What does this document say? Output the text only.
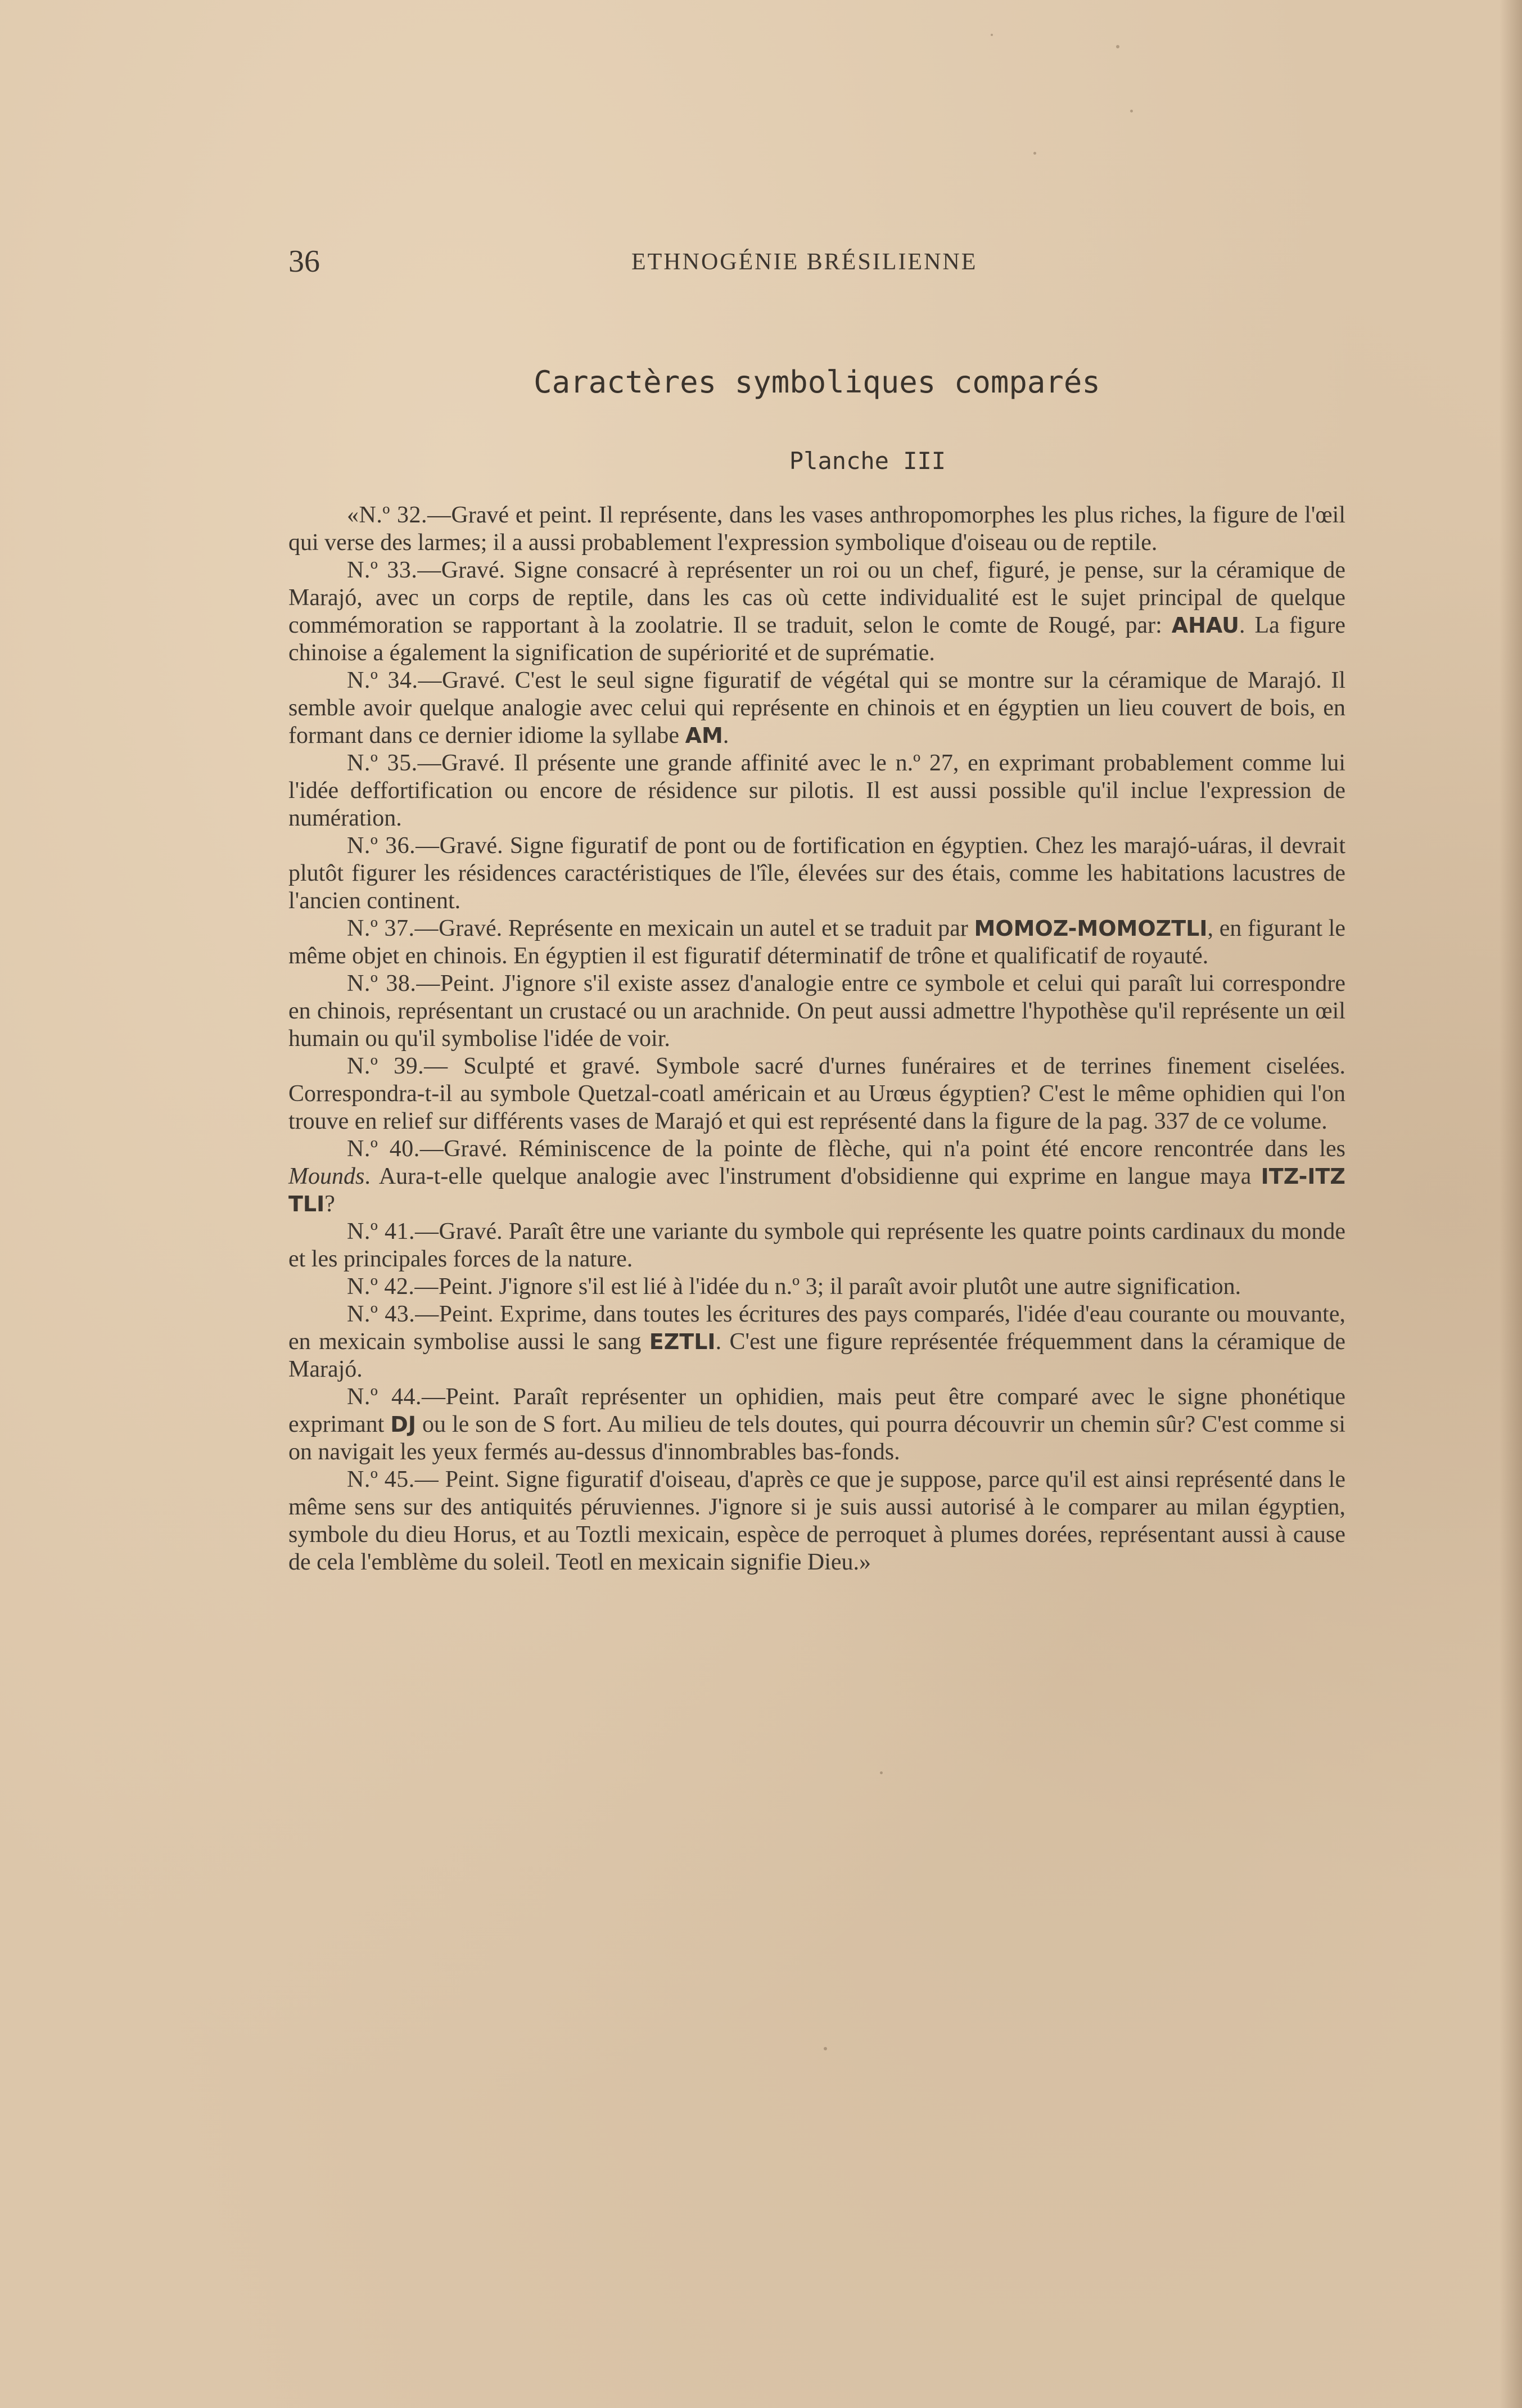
36	ETHNOGÉNIE BRÉSILIENNE
Caractères symboliques comparés
Planche III

«N.º 32.—Gravé et peint. Il représente, dans les vases anthropomorphes les plus riches, la figure de l'œil qui verse des larmes; il a aussi probablement l'expression symbolique d'oiseau ou de reptile.

N.º 33.—Gravé. Signe consacré à représenter un roi ou un chef, figuré, je pense, sur la céramique de Marajó, avec un corps de reptile, dans les cas où cette individualité est le sujet principal de quelque commémoration se rapportant à la zoolatrie. Il se traduit, selon le comte de Rougé, par: AHAU. La figure chinoise a également la signification de supériorité et de suprématie.

N.º 34.—Gravé. C'est le seul signe figuratif de végétal qui se montre sur la céramique de Marajó. Il semble avoir quelque analogie avec celui qui représente en chinois et en égyptien un lieu couvert de bois, en formant dans ce dernier idiome la syllabe AM.

N.º 35.—Gravé. Il présente une grande affinité avec le n.º 27, en exprimant probablement comme lui l'idée deffortification ou encore de résidence sur pilotis. Il est aussi possible qu'il inclue l'expression de numération.

N.º 36.—Gravé. Signe figuratif de pont ou de fortification en égyptien. Chez les marajó-uáras, il devrait plutôt figurer les résidences caractéristiques de l'île, élevées sur des étais, comme les habitations lacustres de l'ancien continent.

N.º 37.—Gravé. Représente en mexicain un autel et se traduit par MOMOZ-MOMOZTLI, en figurant le même objet en chinois. En égyptien il est figuratif déterminatif de trône et qualificatif de royauté.

N.º 38.—Peint. J'ignore s'il existe assez d'analogie entre ce symbole et celui qui paraît lui correspondre en chinois, représentant un crustacé ou un arachnide. On peut aussi admettre l'hypothèse qu'il représente un œil humain ou qu'il symbolise l'idée de voir.

N.º 39.— Sculpté et gravé. Symbole sacré d'urnes funéraires et de terrines finement ciselées. Correspondra-t-il au symbole Quetzal-coatl américain et au Urœus égyptien? C'est le même ophidien qui l'on trouve en relief sur différents vases de Marajó et qui est représenté dans la figure de la pag. 337 de ce volume.

N.º 40.—Gravé. Réminiscence de la pointe de flèche, qui n'a point été encore rencontrée dans les Mounds. Aura-t-elle quelque analogie avec l'instrument d'obsidienne qui exprime en langue maya ITZ-ITZ TLI?

N.º 41.—Gravé. Paraît être une variante du symbole qui représente les quatre points cardinaux du monde et les principales forces de la nature.

N.º 42.—Peint. J'ignore s'il est lié à l'idée du n.º 3; il paraît avoir plutôt une autre signification.

N.º 43.—Peint. Exprime, dans toutes les écritures des pays comparés, l'idée d'eau courante ou mouvante, en mexicain symbolise aussi le sang EZTLI. C'est une figure représentée fréquemment dans la céramique de Marajó.

N.º 44.—Peint. Paraît représenter un ophidien, mais peut être comparé avec le signe phonétique exprimant DJ ou le son de S fort. Au milieu de tels doutes, qui pourra découvrir un chemin sûr? C'est comme si on navigait les yeux fermés au-dessus d'innombrables bas-fonds.

N.º 45.— Peint. Signe figuratif d'oiseau, d'après ce que je suppose, parce qu'il est ainsi représenté dans le même sens sur des antiquités péruviennes. J'ignore si je suis aussi autorisé à le comparer au milan égyptien, symbole du dieu Horus, et au Toztli mexicain, espèce de perroquet à plumes dorées, représentant aussi à cause de cela l'emblème du soleil. Teotl en mexicain signifie Dieu.»
